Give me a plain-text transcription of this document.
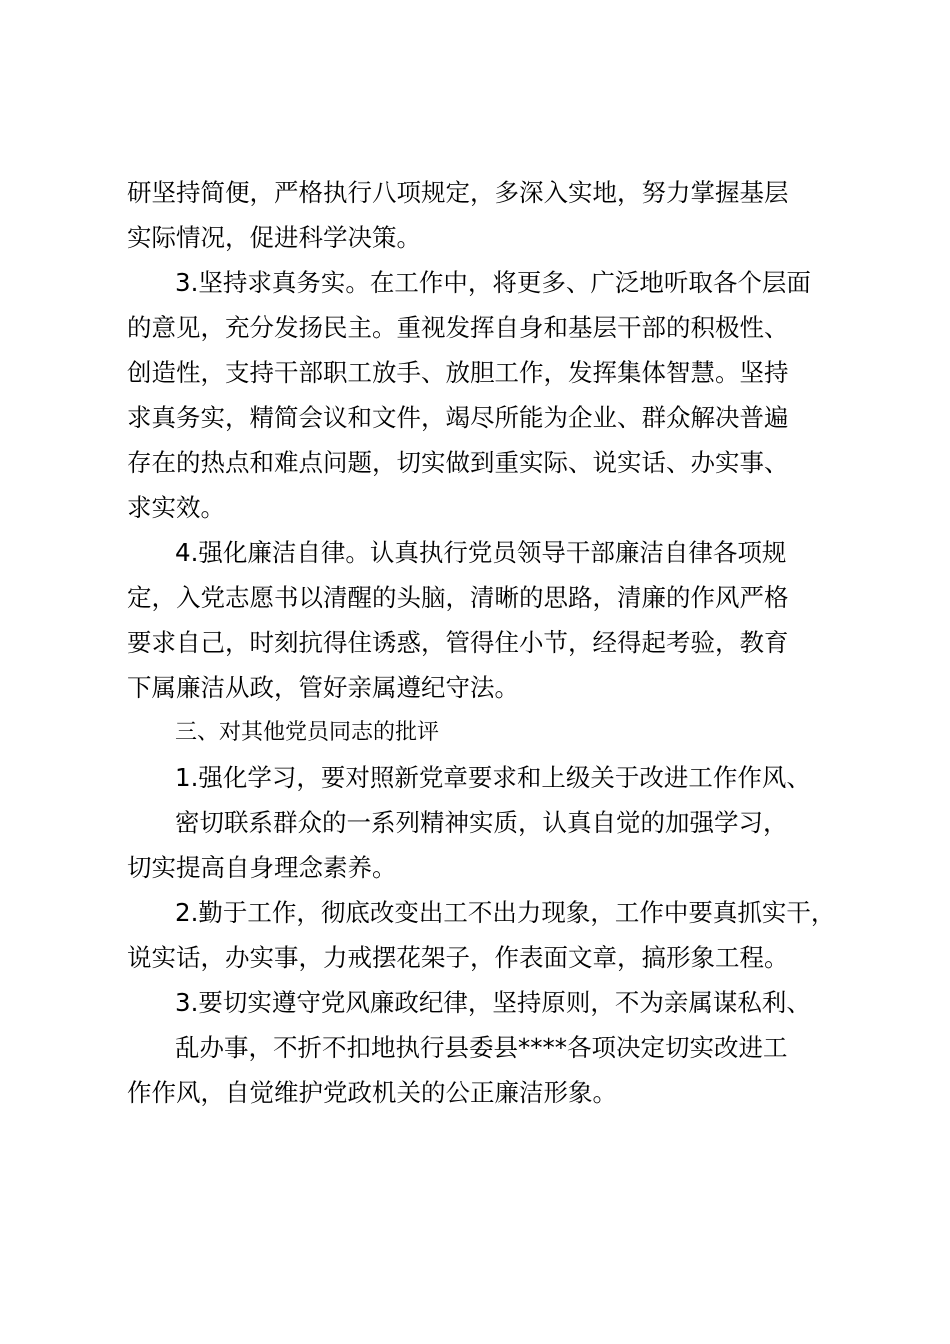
研坚持简便，严格执行八项规定，多深入实地，努力掌握基层
实际情况，促进科学决策。
3.坚持求真务实。在工作中，将更多、广泛地听取各个层面
的意见，充分发扬民主。重视发挥自身和基层干部的积极性、
创造性，支持干部职工放手、放胆工作，发挥集体智慧。坚持
求真务实，精简会议和文件，竭尽所能为企业、群众解决普遍
存在的热点和难点问题，切实做到重实际、说实话、办实事、
求实效。
4.强化廉洁自律。认真执行党员领导干部廉洁自律各项规
定，入党志愿书以清醒的头脑，清晰的思路，清廉的作风严格
要求自己，时刻抗得住诱惑，管得住小节，经得起考验，教育
下属廉洁从政，管好亲属遵纪守法。
三、对其他党员同志的批评
1.强化学习，要对照新党章要求和上级关于改进工作作风、
密切联系群众的一系列精神实质，认真自觉的加强学习，
切实提高自身理念素养。
2.勤于工作，彻底改变出工不出力现象，工作中要真抓实干，
说实话，办实事，力戒摆花架子，作表面文章，搞形象工程。
3.要切实遵守党风廉政纪律，坚持原则，不为亲属谋私利、
乱办事，不折不扣地执行县委县****各项决定切实改进工
作作风，自觉维护党政机关的公正廉洁形象。
